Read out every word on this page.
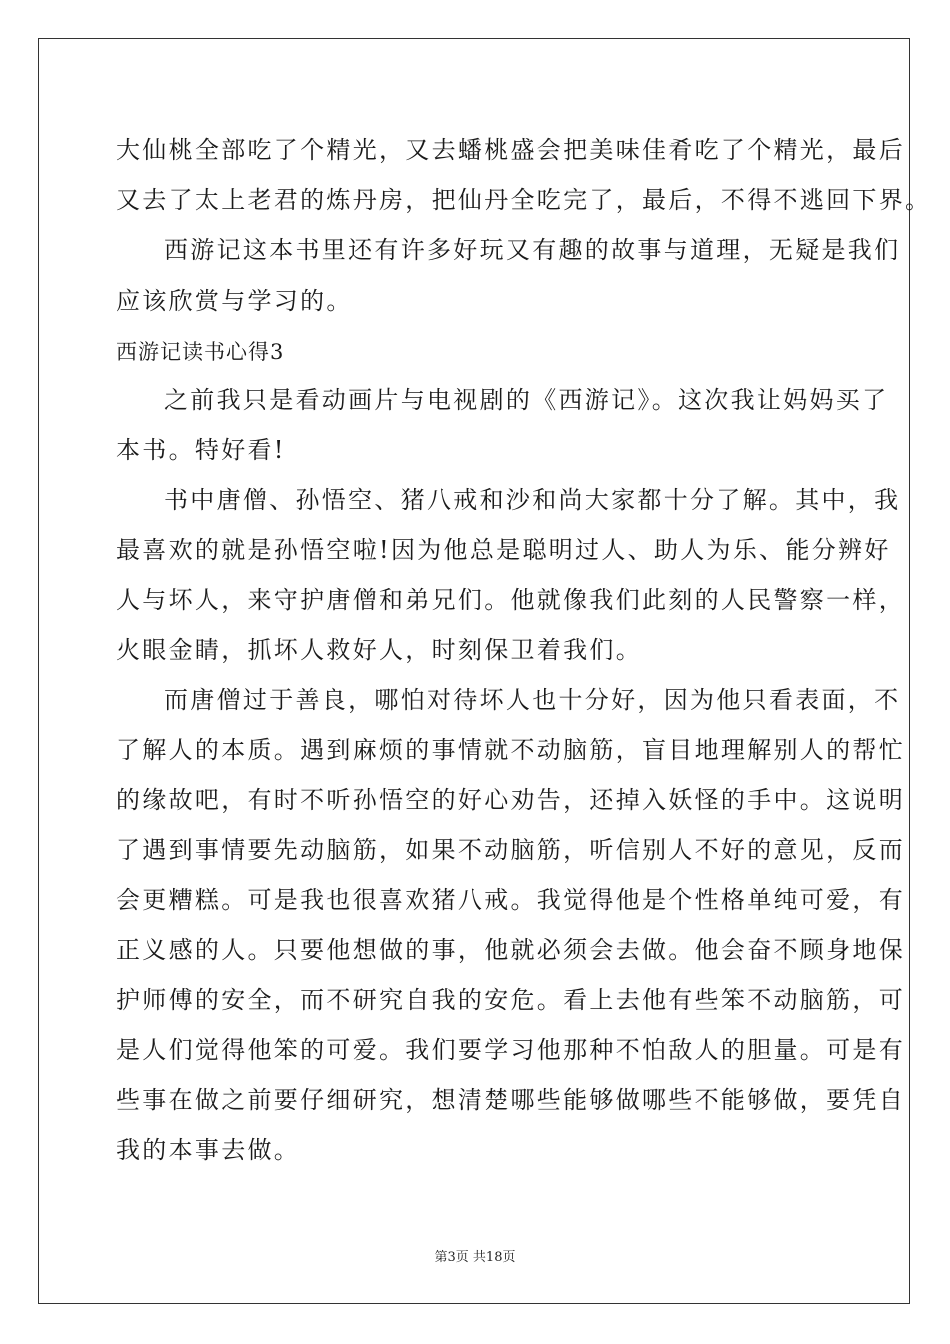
大仙桃全部吃了个精光，又去蟠桃盛会把美味佳肴吃了个精光，最后
又去了太上老君的炼丹房，把仙丹全吃完了，最后，不得不逃回下界。
西游记这本书里还有许多好玩又有趣的故事与道理，无疑是我们
应该欣赏与学习的。
西游记读书心得3
之前我只是看动画片与电视剧的《西游记》。这次我让妈妈买了
本书。特好看!
书中唐僧、孙悟空、猪八戒和沙和尚大家都十分了解。其中，我
最喜欢的就是孙悟空啦!因为他总是聪明过人、助人为乐、能分辨好
人与坏人，来守护唐僧和弟兄们。他就像我们此刻的人民警察一样，
火眼金睛，抓坏人救好人，时刻保卫着我们。
而唐僧过于善良，哪怕对待坏人也十分好，因为他只看表面，不
了解人的本质。遇到麻烦的事情就不动脑筋，盲目地理解别人的帮忙
的缘故吧，有时不听孙悟空的好心劝告，还掉入妖怪的手中。这说明
了遇到事情要先动脑筋，如果不动脑筋，听信别人不好的意见，反而
会更糟糕。可是我也很喜欢猪八戒。我觉得他是个性格单纯可爱，有
正义感的人。只要他想做的事，他就必须会去做。他会奋不顾身地保
护师傅的安全，而不研究自我的安危。看上去他有些笨不动脑筋，可
是人们觉得他笨的可爱。我们要学习他那种不怕敌人的胆量。可是有
些事在做之前要仔细研究，想清楚哪些能够做哪些不能够做，要凭自
我的本事去做。
第3页 共18页
